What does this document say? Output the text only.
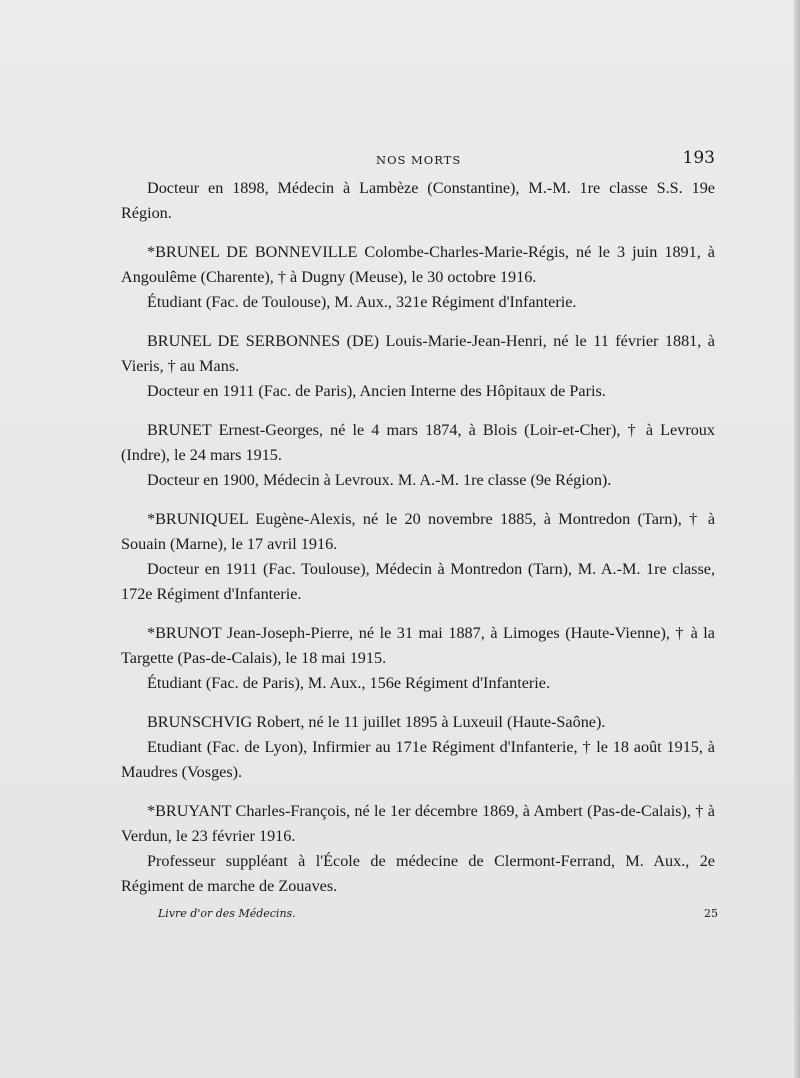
NOS MORTS	193

Docteur en 1898, Médecin à Lambèze (Constantine), M.-M. 1re classe S.S. 19e Région.

*BRUNEL DE BONNEVILLE Colombe-Charles-Marie-Régis, né le 3 juin 1891, à Angoulême (Charente), † à Dugny (Meuse), le 30 octobre 1916.

Étudiant (Fac. de Toulouse), M. Aux., 321e Régiment d'Infanterie.

BRUNEL DE SERBONNES (DE) Louis-Marie-Jean-Henri, né le 11 février 1881, à Vieris, † au Mans.

Docteur en 1911 (Fac. de Paris), Ancien Interne des Hôpitaux de Paris.

BRUNET Ernest-Georges, né le 4 mars 1874, à Blois (Loir-et-Cher), † à Levroux (Indre), le 24 mars 1915.

Docteur en 1900, Médecin à Levroux. M. A.-M. 1re classe (9e Région).

*BRUNIQUEL Eugène-Alexis, né le 20 novembre 1885, à Montredon (Tarn), † à Souain (Marne), le 17 avril 1916.

Docteur en 1911 (Fac. Toulouse), Médecin à Montredon (Tarn), M. A.-M. 1re classe, 172e Régiment d'Infanterie.

*BRUNOT Jean-Joseph-Pierre, né le 31 mai 1887, à Limoges (Haute-Vienne), † à la Targette (Pas-de-Calais), le 18 mai 1915.

Étudiant (Fac. de Paris), M. Aux., 156e Régiment d'Infanterie.

BRUNSCHVIG Robert, né le 11 juillet 1895 à Luxeuil (Haute-Saône).

Etudiant (Fac. de Lyon), Infirmier au 171e Régiment d'Infanterie, † le 18 août 1915, à Maudres (Vosges).

*BRUYANT Charles-François, né le 1er décembre 1869, à Ambert (Pas-de-Calais), † à Verdun, le 23 février 1916.

Professeur suppléant à l'École de médecine de Clermont-Ferrand, M. Aux., 2e Régiment de marche de Zouaves.

Livre d'or des Médecins.	25
